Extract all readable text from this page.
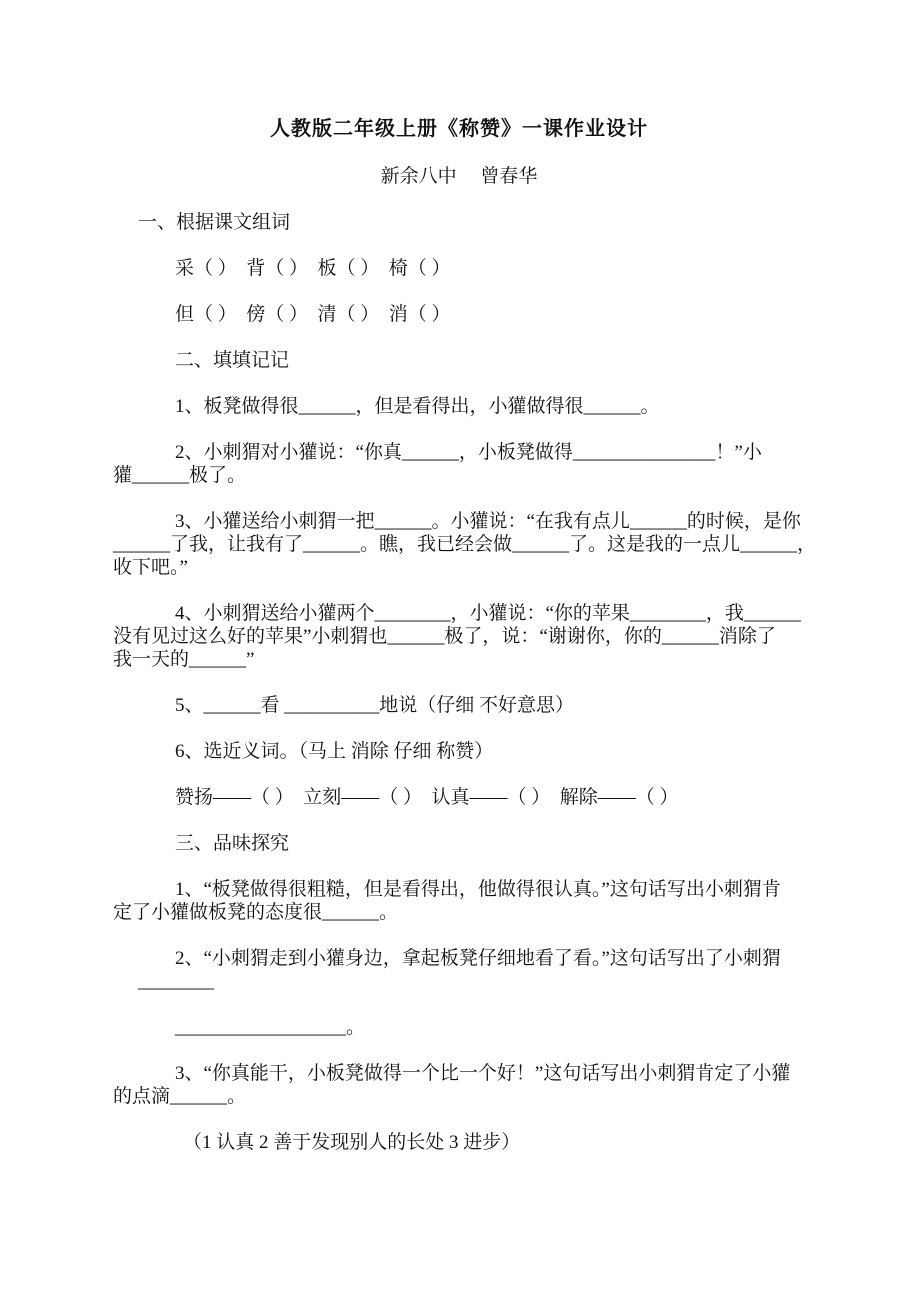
人教版二年级上册《称赞》一课作业设计
新余八中　 曾春华
一、根据课文组词
采（ ）  背（ ）  板（ ）  椅（ ）
但（ ）  傍（ ）  清（ ）  消（ ）
二、填填记记
1、板凳做得很______，但是看得出，小獾做得很______。
2、小刺猬对小獾说：“你真______，小板凳做得_______________！”小
獾______极了。
3、小獾送给小刺猬一把______。小獾说：“在我有点儿______的时候，是你
______了我，让我有了______。瞧，我已经会做______了。这是我的一点儿______，
收下吧。”
4、小刺猬送给小獾两个________，小獾说：“你的苹果________，我______
没有见过这么好的苹果”小刺猬也______极了，说：“谢谢你，你的______消除了
我一天的______”
5、______看 __________地说（仔细 不好意思）
6、选近义词。（马上 消除 仔细 称赞）
赞扬——（ ）  立刻——（ ）  认真——（ ）  解除——（ ）
三、品味探究
1、“板凳做得很粗糙，但是看得出，他做得很认真。”这句话写出小刺猬肯
定了小獾做板凳的态度很______。
2、“小刺猬走到小獾身边，拿起板凳仔细地看了看。”这句话写出了小刺猬
________
__________________。
3、“你真能干，小板凳做得一个比一个好！”这句话写出小刺猬肯定了小獾
的点滴______。
（1 认真 2 善于发现别人的长处 3 进步）
